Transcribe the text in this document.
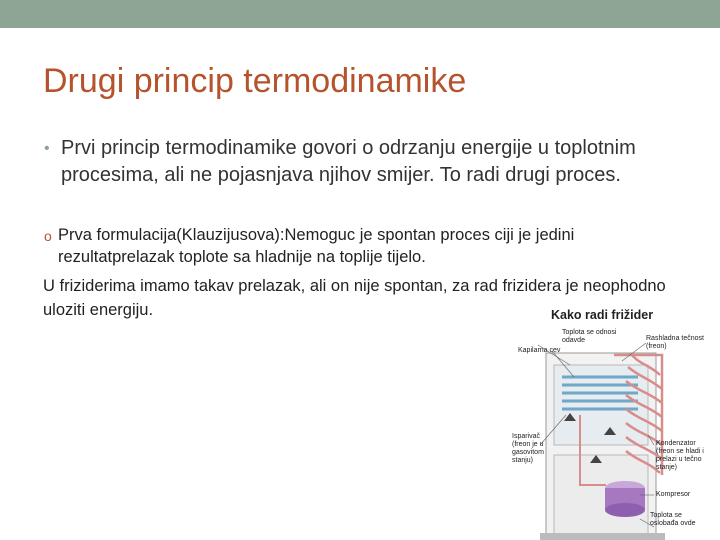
Drugi princip termodinamike
• Prvi princip termodinamike govori o odrzanju energije u toplotnim procesima, ali ne pojasnjava njihov smijer. To radi drugi proces.
o Prva formulacija(Klauzijusova):Nemoguc je spontan proces ciji je jedini rezultatprelazak toplote sa hladnije na toplije tijelo.
U friziderima imamo takav prelazak, ali on nije spontan, za rad frizidera je neophodno uloziti energiju.	Kako radi frižider
Toplota se odnosi odavde
Kapilarna cev
Rashladna tečnost (freon)
Isparivač (freon je u gasovitom stanju)
Kondenzator (freon se hladi i prelazi u tečno stanje)
Kompresor
Toplota se oslobađa ovde
